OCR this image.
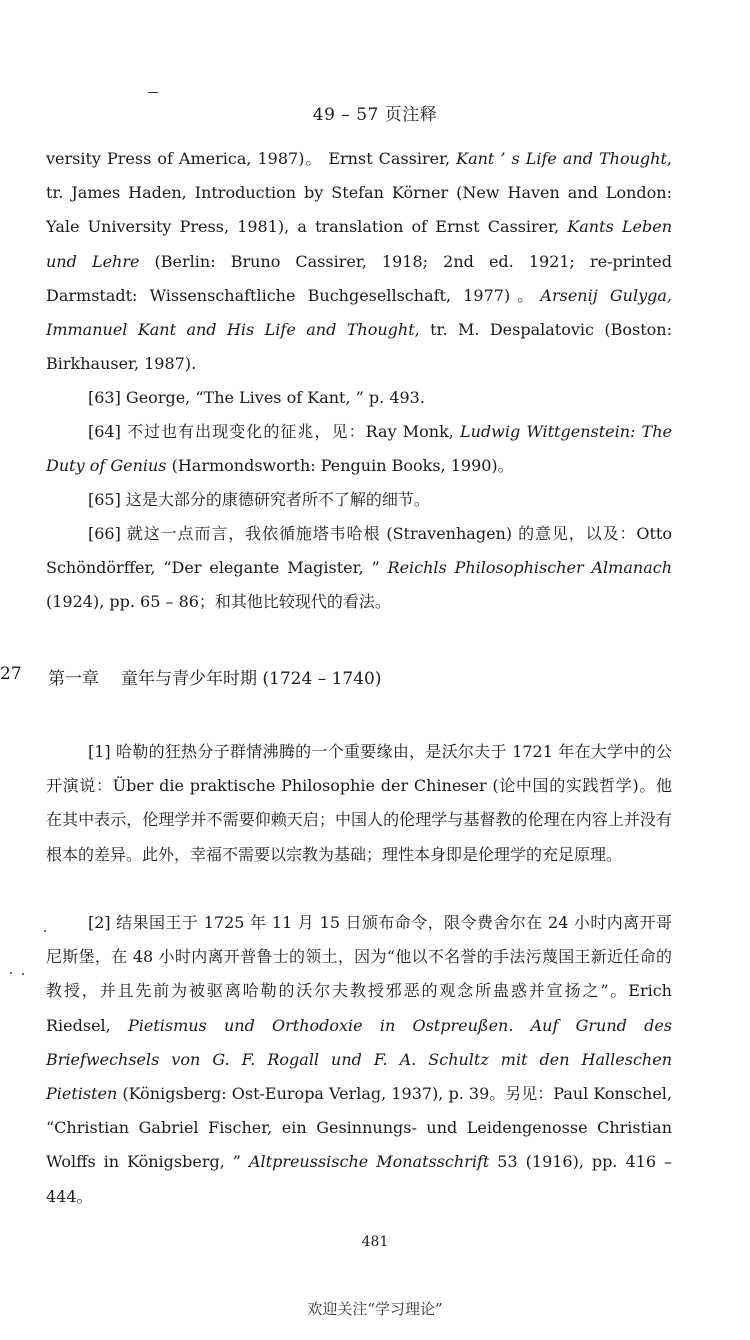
49 – 57 页注释

versity Press of America, 1987)。 Ernst Cassirer, Kant ’ s Life and Thought, tr. James Haden, Introduction by Stefan Körner (New Haven and London: Yale University Press, 1981), a translation of Ernst Cassirer, Kants Leben und Lehre (Berlin: Bruno Cassirer, 1918; 2nd ed. 1921; re-printed Darmstadt: Wissenschaftliche Buchgesellschaft, 1977)。Arsenij Gulyga, Immanuel Kant and His Life and Thought, tr. M. Despalatovic (Boston: Birkhauser, 1987).

[63] George, “The Lives of Kant, ” p. 493.

[64] 不过也有出现变化的征兆，见：Ray Monk, Ludwig Wittgenstein: The Duty of Genius (Harmondsworth: Penguin Books, 1990)。

[65] 这是大部分的康德研究者所不了解的细节。

[66] 就这一点而言，我依循施塔韦哈根 (Stravenhagen) 的意见，以及：Otto Schöndörffer, “Der elegante Magister, ” Reichls Philosophischer Almanach (1924), pp. 65 – 86；和其他比较现代的看法。

27 第一章 童年与青少年时期 (1724 – 1740)

[1] 哈勒的狂热分子群情沸腾的一个重要缘由，是沃尔夫于 1721 年在大学中的公开演说：Über die praktische Philosophie der Chineser (论中国的实践哲学)。他在其中表示，伦理学并不需要仰赖天启；中国人的伦理学与基督教的伦理在内容上并没有根本的差异。此外，幸福不需要以宗教为基础；理性本身即是伦理学的充足原理。

[2] 结果国王于 1725 年 11 月 15 日颁布命令，限令费舍尔在 24 小时内离开哥尼斯堡，在 48 小时内离开普鲁士的领土，因为“他以不名誉的手法污蔑国王新近任命的教授，并且先前为被驱离哈勒的沃尔夫教授邪恶的观念所蛊惑并宣扬之”。Erich Riedsel, Pietismus und Orthodoxie in Ostpreußen. Auf Grund des Briefwechsels von G. F. Rogall und F. A. Schultz mit den Halleschen Pietisten (Königsberg: Ost-Europa Verlag, 1937), p. 39。另见：Paul Konschel, “Christian Gabriel Fischer, ein Gesinnungs- und Leidengenosse Christian Wolffs in Königsberg, ” Altpreussische Monatsschrift 53 (1916), pp. 416 – 444。

481
欢迎关注“学习理论”
